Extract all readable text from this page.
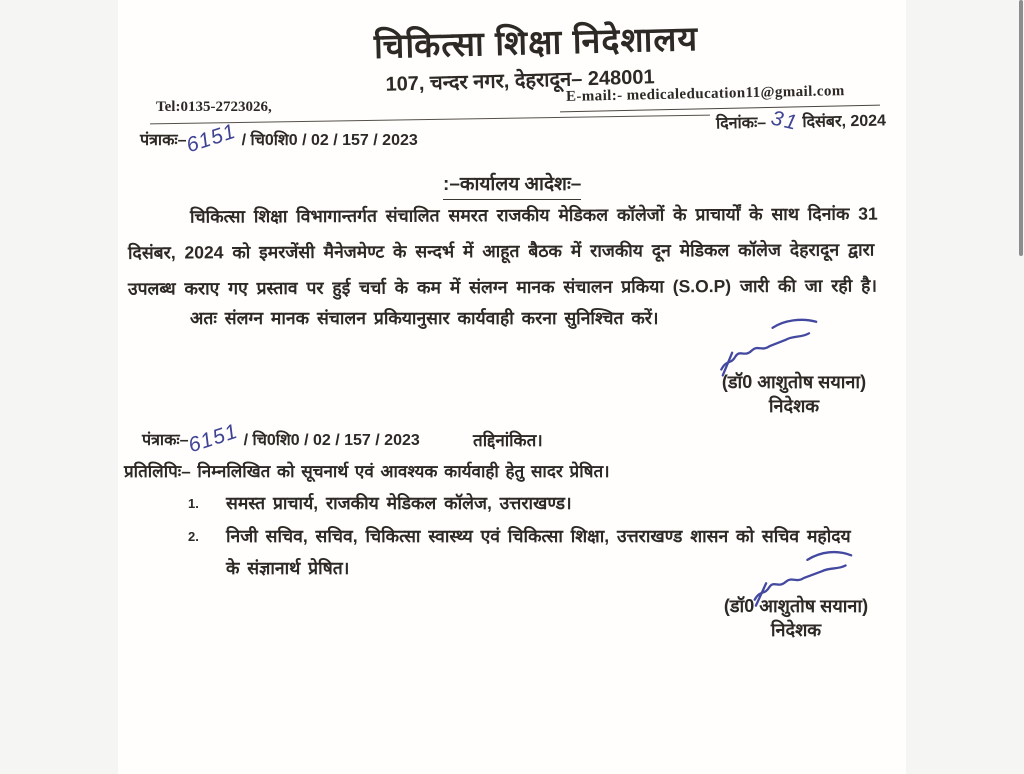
चिकित्सा शिक्षा निदेशालय
107, चन्दर नगर, देहरादून– 248001
E-mail:- medicaleducation11@gmail.com
Tel:0135-2723026,
दिनांकः– 31 दिसंबर, 2024
पंत्राकः–6151 / चि0शि0 / 02 / 157 / 2023
:–कार्यालय आदेशः–
चिकित्सा शिक्षा विभागान्तर्गत संचालित समरत राजकीय मेडिकल कॉलेजों के प्राचार्यों के साथ दिनांक 31
दिसंबर, 2024 को इमरजेंसी मैनेजमेण्ट के सन्दर्भ में आहूत बैठक में राजकीय दून मेडिकल कॉलेज देहरादून द्वारा
उपलब्ध कराए गए प्रस्ताव पर हुई चर्चा के कम में संलग्न मानक संचालन प्रकिया (S.O.P) जारी की जा रही है।
अतः संलग्न मानक संचालन प्रकियानुसार कार्यवाही करना सुनिश्चित करें।
(डॉ0 आशुतोष सयाना)
निदेशक
पंत्राकः–6151 / चि0शि0 / 02 / 157 / 2023	तद्दिनांकित।
प्रतिलिपिः– निम्नलिखित को सूचनार्थ एवं आवश्यक कार्यवाही हेतु सादर प्रेषित।
1. समस्त प्राचार्य, राजकीय मेडिकल कॉलेज, उत्तराखण्ड।
2. निजी सचिव, सचिव, चिकित्सा स्वास्थ्य एवं चिकित्सा शिक्षा, उत्तराखण्ड शासन को सचिव महोदय
के संज्ञानार्थ प्रेषित।
(डॉ0 आशुतोष सयाना)
निदेशक
